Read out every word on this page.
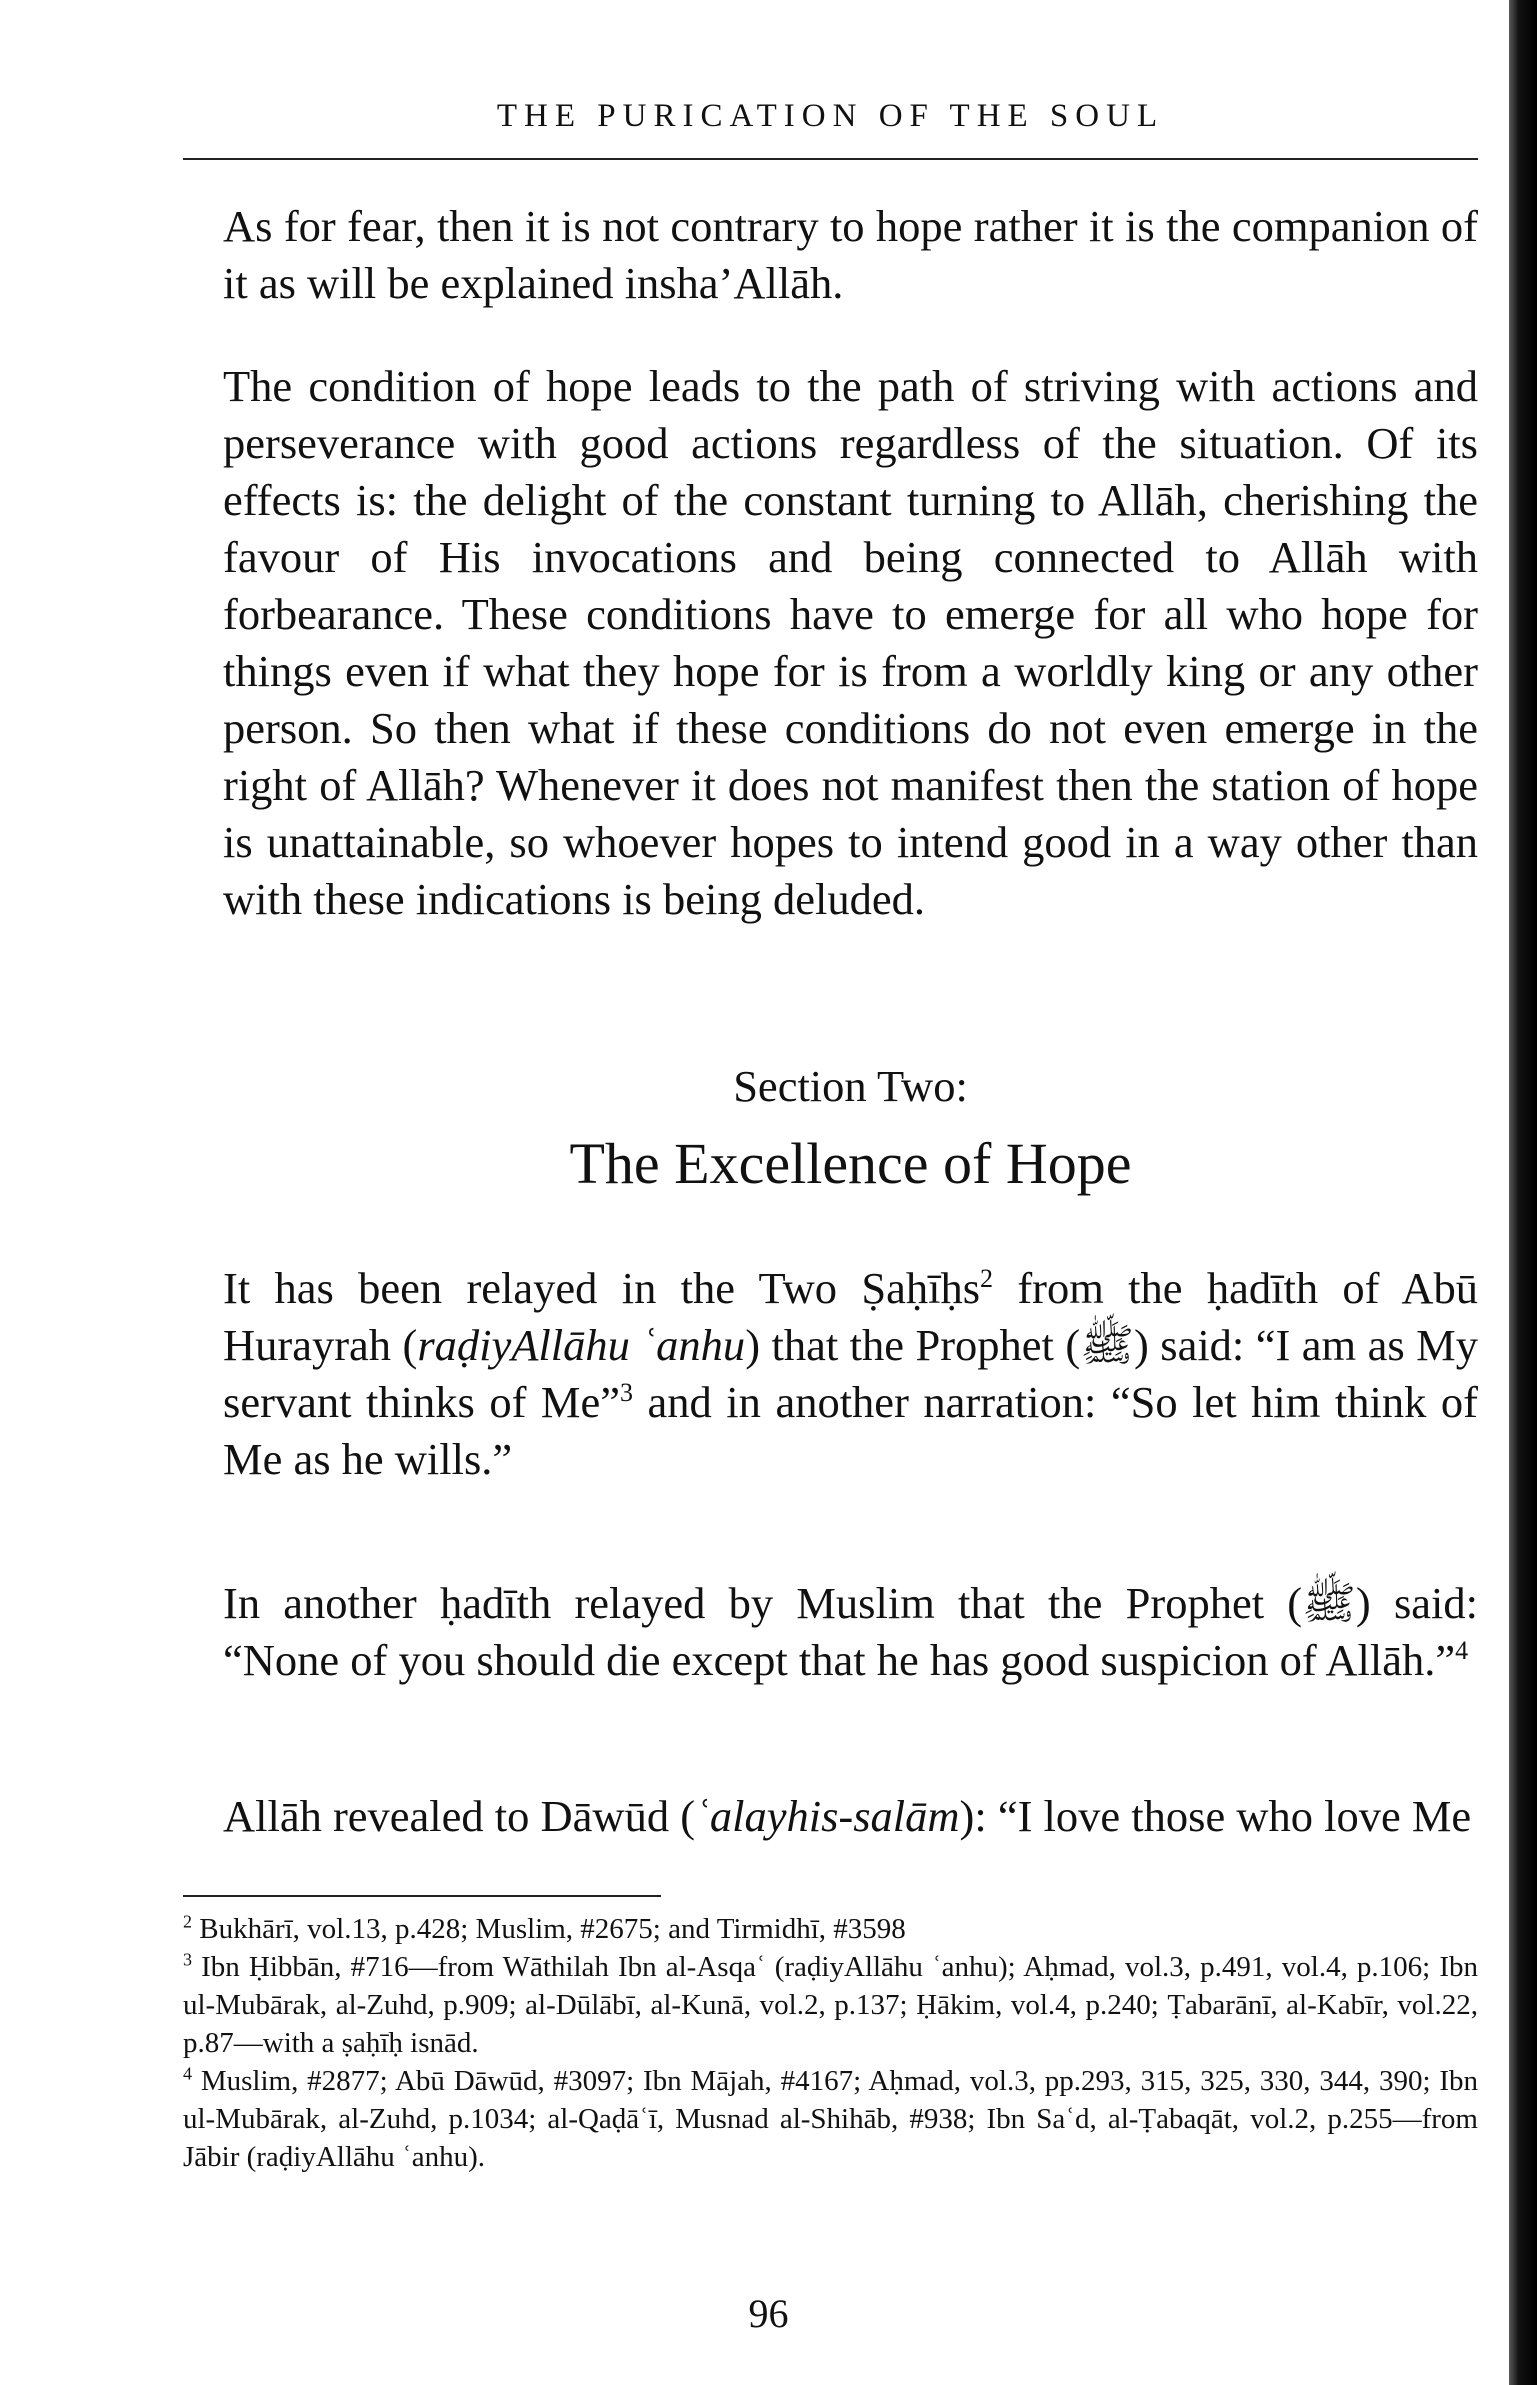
THE PURICATION OF THE SOUL

As for fear, then it is not contrary to hope rather it is the companion of it as will be explained insha’Allāh.

The condition of hope leads to the path of striving with actions and perseverance with good actions regardless of the situation. Of its effects is: the delight of the constant turning to Allāh, cherishing the favour of His invocations and being connected to Allāh with forbearance. These conditions have to emerge for all who hope for things even if what they hope for is from a worldly king or any other person. So then what if these conditions do not even emerge in the right of Allāh? Whenever it does not manifest then the station of hope is unattainable, so whoever hopes to intend good in a way other than with these indications is being deluded.

Section Two:
The Excellence of Hope

It has been relayed in the Two Ṣaḥīḥs$^2$ from the ḥadīth of Abū Hurayrah (raḍiyAllāhu ʿanhu) that the Prophet (ﷺ) said: “I am as My servant thinks of Me”$^3$ and in another narration: “So let him think of Me as he wills.”

In another ḥadīth relayed by Muslim that the Prophet (ﷺ) said: “None of you should die except that he has good suspicion of Allāh.”$^4$

Allāh revealed to Dāwūd (ʿalayhis-salām): “I love those who love Me

$^2$ Bukhārī, vol.13, p.428; Muslim, #2675; and Tirmidhī, #3598

$^3$ Ibn Ḥibbān, #716—from Wāthilah Ibn al-Asqaʿ (raḍiyAllāhu ʿanhu); Aḥmad, vol.3, p.491, vol.4, p.106; Ibn ul-Mubārak, al-Zuhd, p.909; al-Dūlābī, al-Kunā, vol.2, p.137; Ḥākim, vol.4, p.240; Ṭabarānī, al-Kabīr, vol.22, p.87—with a ṣaḥīḥ isnād.

$^4$ Muslim, #2877; Abū Dāwūd, #3097; Ibn Mājah, #4167; Aḥmad, vol.3, pp.293, 315, 325, 330, 344, 390; Ibn ul-Mubārak, al-Zuhd, p.1034; al-Qaḍāʿī, Musnad al-Shihāb, #938; Ibn Saʿd, al-Ṭabaqāt, vol.2, p.255—from Jābir (raḍiyAllāhu ʿanhu).

96
